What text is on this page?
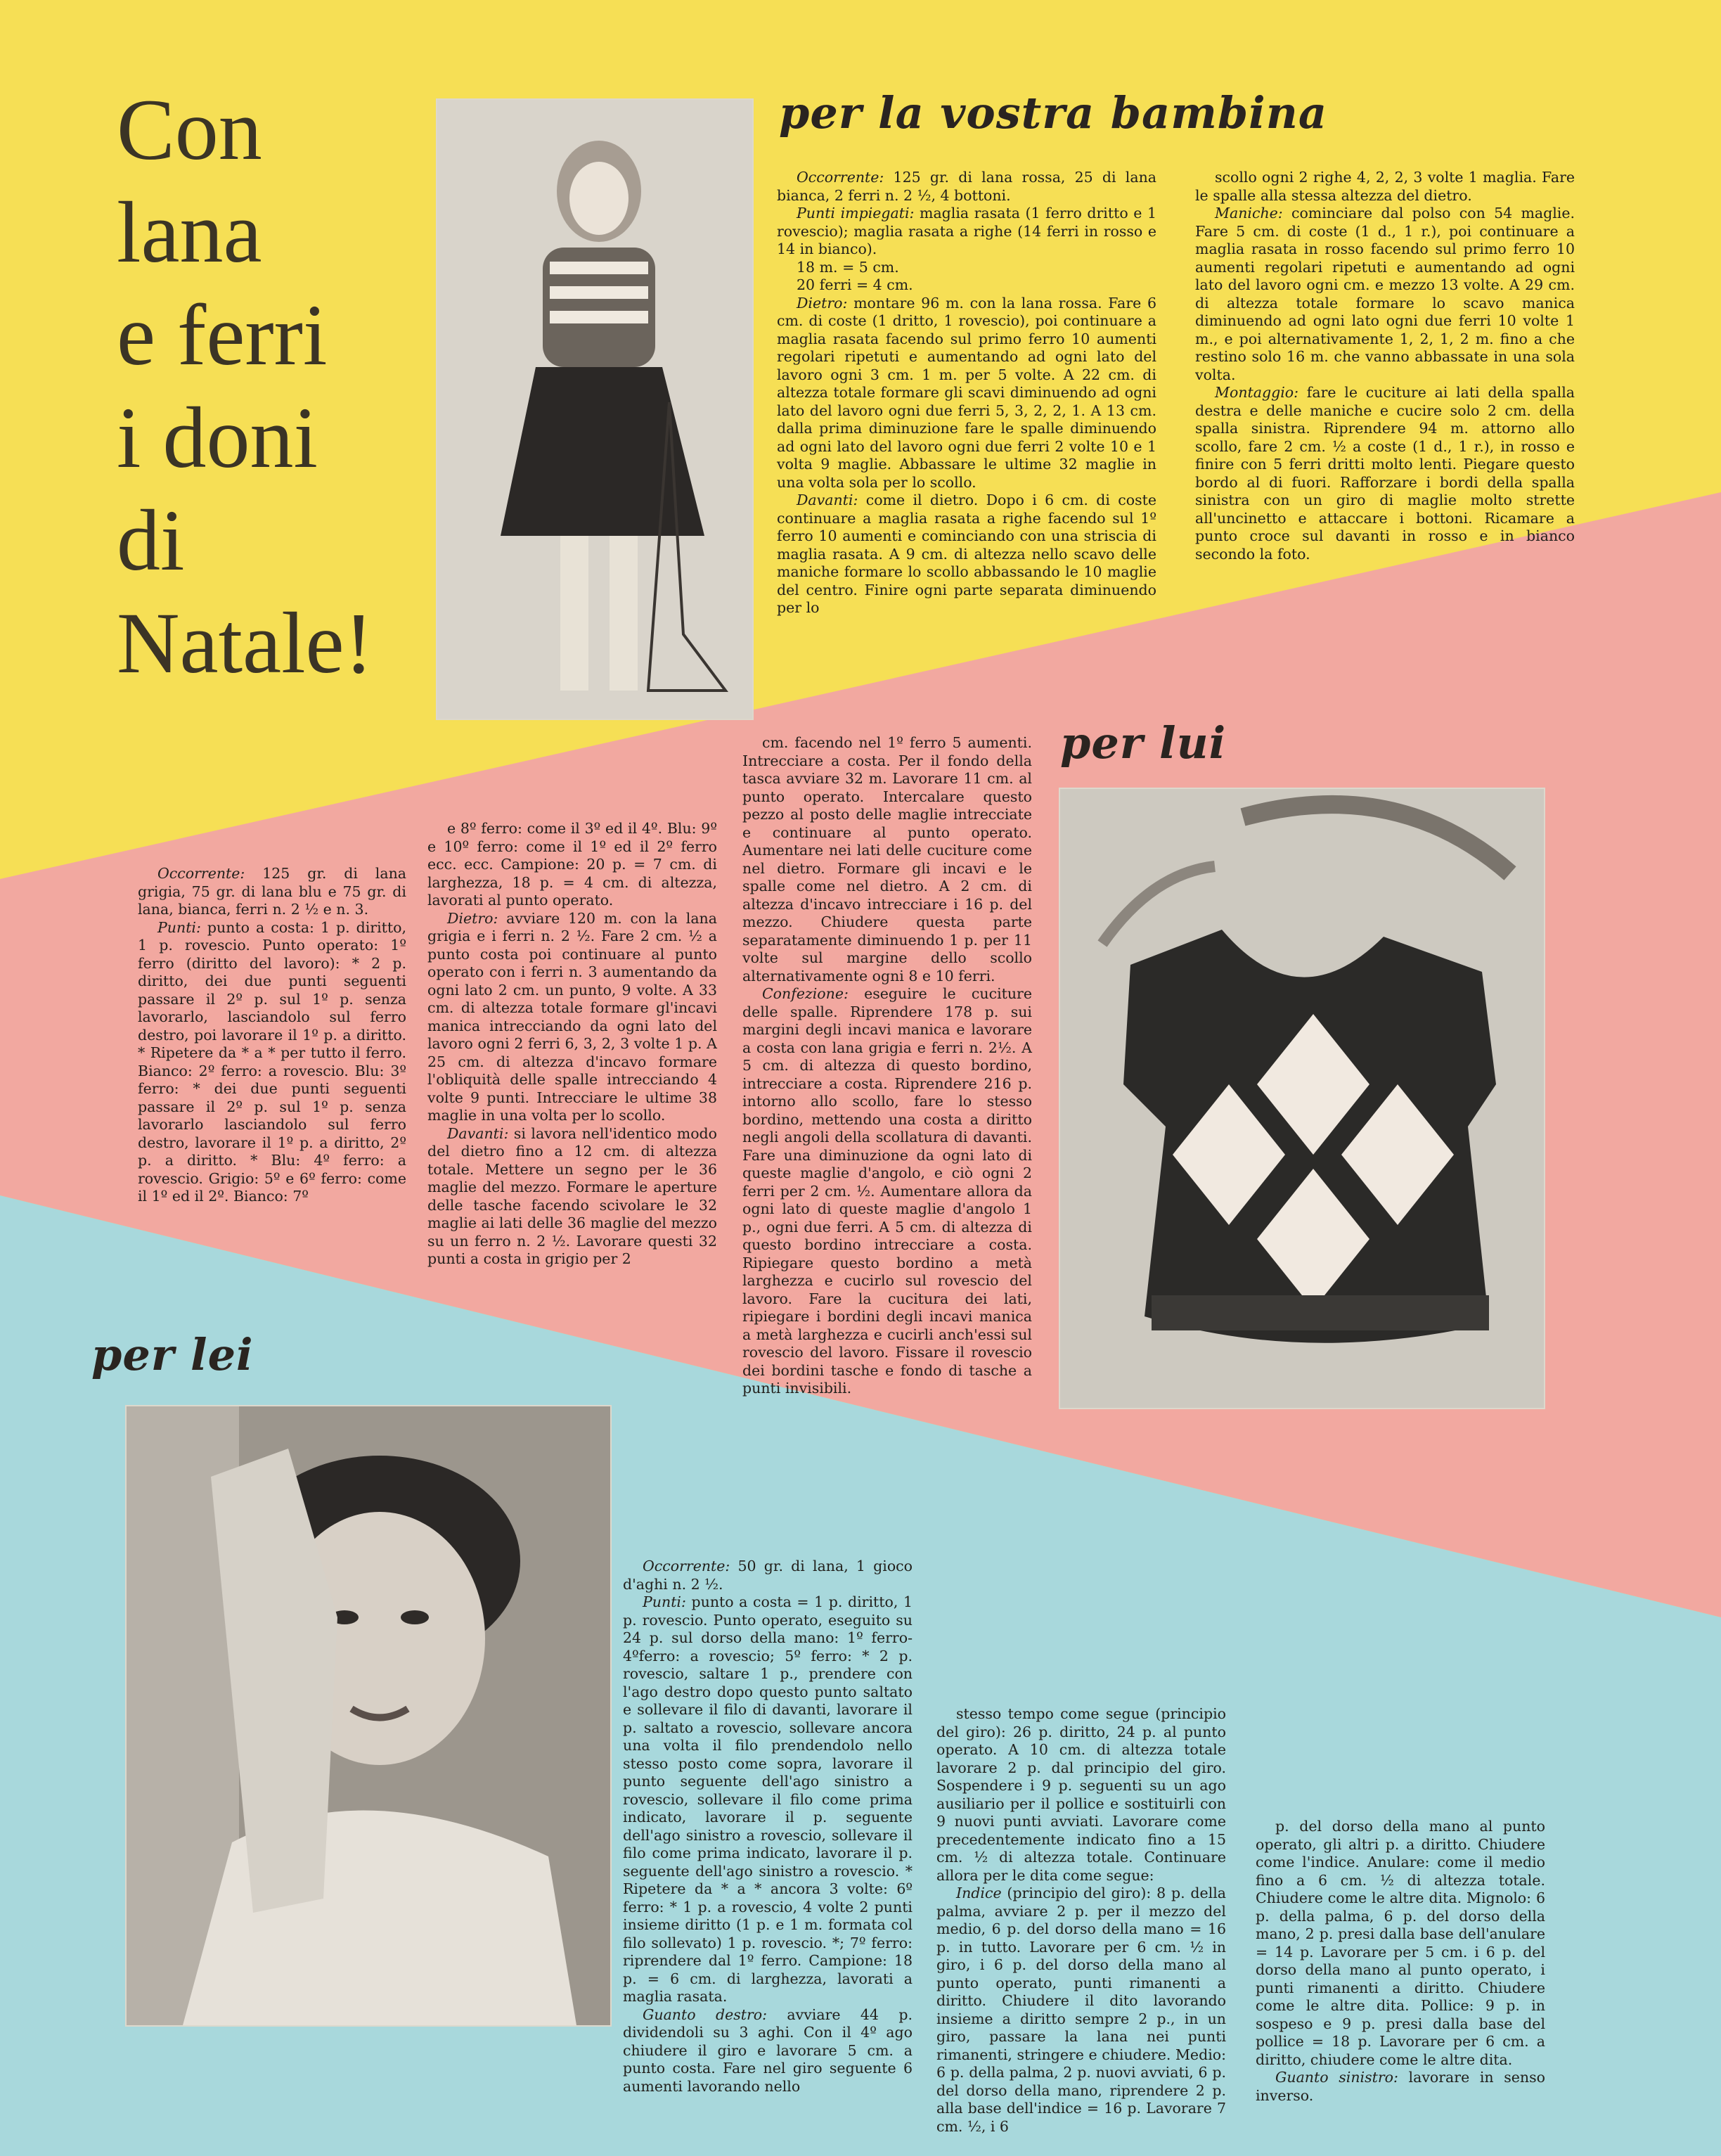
Con
lana
e ferri
i doni
di
Natale!
per la vostra bambina

Occorrente: 125 gr. di lana rossa, 25 di lana bianca, 2 ferri n. 2 ½, 4 bottoni.

Punti impiegati: maglia rasata (1 ferro dritto e 1 rovescio); maglia rasata a righe (14 ferri in rosso e 14 in bianco).

18 m. = 5 cm.

20 ferri = 4 cm.

Dietro: montare 96 m. con la lana rossa. Fare 6 cm. di coste (1 dritto, 1 rovescio), poi continuare a maglia rasata facendo sul primo ferro 10 aumenti regolari ripetuti e aumentando ad ogni lato del lavoro ogni 3 cm. 1 m. per 5 volte. A 22 cm. di altezza totale formare gli scavi diminuendo ad ogni lato del lavoro ogni due ferri 5, 3, 2, 2, 1. A 13 cm. dalla prima diminuzione fare le spalle diminuendo ad ogni lato del lavoro ogni due ferri 2 volte 10 e 1 volta 9 maglie. Abbassare le ultime 32 maglie in una volta sola per lo scollo.

Davanti: come il dietro. Dopo i 6 cm. di coste continuare a maglia rasata a righe facendo sul 1º ferro 10 aumenti e cominciando con una striscia di maglia rasata. A 9 cm. di altezza nello scavo delle maniche formare lo scollo abbassando le 10 maglie del centro. Finire ogni parte separata diminuendo per lo

scollo ogni 2 righe 4, 2, 2, 3 volte 1 maglia. Fare le spalle alla stessa altezza del dietro.

Maniche: cominciare dal polso con 54 maglie. Fare 5 cm. di coste (1 d., 1 r.), poi continuare a maglia rasata in rosso facendo sul primo ferro 10 aumenti regolari ripetuti e aumentando ad ogni lato del lavoro ogni cm. e mezzo 13 volte. A 29 cm. di altezza totale formare lo scavo manica diminuendo ad ogni lato ogni due ferri 10 volte 1 m., e poi alternativamente 1, 2, 1, 2 m. fino a che restino solo 16 m. che vanno abbassate in una sola volta.

Montaggio: fare le cuciture ai lati della spalla destra e delle maniche e cucire solo 2 cm. della spalla sinistra. Riprendere 94 m. attorno allo scollo, fare 2 cm. ½ a coste (1 d., 1 r.), in rosso e finire con 5 ferri dritti molto lenti. Piegare questo bordo al di fuori. Rafforzare i bordi della spalla sinistra con un giro di maglie molto strette all'uncinetto e attaccare i bottoni. Ricamare a punto croce sul davanti in rosso e in bianco secondo la foto.

per lui

Occorrente: 125 gr. di lana grigia, 75 gr. di lana blu e 75 gr. di lana, bianca, ferri n. 2 ½ e n. 3.

Punti: punto a costa: 1 p. diritto, 1 p. rovescio. Punto operato: 1º ferro (diritto del lavoro): * 2 p. diritto, dei due punti seguenti passare il 2º p. sul 1º p. senza lavorarlo, lasciandolo sul ferro destro, poi lavorare il 1º p. a diritto. * Ripetere da * a * per tutto il ferro. Bianco: 2º ferro: a rovescio. Blu: 3º ferro: * dei due punti seguenti passare il 2º p. sul 1º p. senza lavorarlo lasciandolo sul ferro destro, lavorare il 1º p. a diritto, 2º p. a diritto. * Blu: 4º ferro: a rovescio. Grigio: 5º e 6º ferro: come il 1º ed il 2º. Bianco: 7º

e 8º ferro: come il 3º ed il 4º. Blu: 9º e 10º ferro: come il 1º ed il 2º ferro ecc. ecc. Campione: 20 p. = 7 cm. di larghezza, 18 p. = 4 cm. di altezza, lavorati al punto operato.

Dietro: avviare 120 m. con la lana grigia e i ferri n. 2 ½. Fare 2 cm. ½ a punto costa poi continuare al punto operato con i ferri n. 3 aumentando da ogni lato 2 cm. un punto, 9 volte. A 33 cm. di altezza totale formare gl'incavi manica intrecciando da ogni lato del lavoro ogni 2 ferri 6, 3, 2, 3 volte 1 p. A 25 cm. di altezza d'incavo formare l'obliquità delle spalle intrecciando 4 volte 9 punti. Intrecciare le ultime 38 maglie in una volta per lo scollo.

Davanti: si lavora nell'identico modo del dietro fino a 12 cm. di altezza totale. Mettere un segno per le 36 maglie del mezzo. Formare le aperture delle tasche facendo scivolare le 32 maglie ai lati delle 36 maglie del mezzo su un ferro n. 2 ½. Lavorare questi 32 punti a costa in grigio per 2

cm. facendo nel 1º ferro 5 aumenti. Intrecciare a costa. Per il fondo della tasca avviare 32 m. Lavorare 11 cm. al punto operato. Intercalare questo pezzo al posto delle maglie intrecciate e continuare al punto operato. Aumentare nei lati delle cuciture come nel dietro. Formare gli incavi e le spalle come nel dietro. A 2 cm. di altezza d'incavo intrecciare i 16 p. del mezzo. Chiudere questa parte separatamente diminuendo 1 p. per 11 volte sul margine dello scollo alternativamente ogni 8 e 10 ferri.

Confezione: eseguire le cuciture delle spalle. Riprendere 178 p. sui margini degli incavi manica e lavorare a costa con lana grigia e ferri n. 2½. A 5 cm. di altezza di questo bordino, intrecciare a costa. Riprendere 216 p. intorno allo scollo, fare lo stesso bordino, mettendo una costa a diritto negli angoli della scollatura di davanti. Fare una diminuzione da ogni lato di queste maglie d'angolo, e ciò ogni 2 ferri per 2 cm. ½. Aumentare allora da ogni lato di queste maglie d'angolo 1 p., ogni due ferri. A 5 cm. di altezza di questo bordino intrecciare a costa. Ripiegare questo bordino a metà larghezza e cucirlo sul rovescio del lavoro. Fare la cucitura dei lati, ripiegare i bordini degli incavi manica a metà larghezza e cucirli anch'essi sul rovescio del lavoro. Fissare il rovescio dei bordini tasche e fondo di tasche a punti invisibili.

per lei

Occorrente: 50 gr. di lana, 1 gioco d'aghi n. 2 ½.

Punti: punto a costa = 1 p. diritto, 1 p. rovescio. Punto operato, eseguito su 24 p. sul dorso della mano: 1º ferro-4ºferro: a rovescio; 5º ferro: * 2 p. rovescio, saltare 1 p., prendere con l'ago destro dopo questo punto saltato e sollevare il filo di davanti, lavorare il p. saltato a rovescio, sollevare ancora una volta il filo prendendolo nello stesso posto come sopra, lavorare il punto seguente dell'ago sinistro a rovescio, sollevare il filo come prima indicato, lavorare il p. seguente dell'ago sinistro a rovescio, sollevare il filo come prima indicato, lavorare il p. seguente dell'ago sinistro a rovescio. * Ripetere da * a * ancora 3 volte: 6º ferro: * 1 p. a rovescio, 4 volte 2 punti insieme diritto (1 p. e 1 m. formata col filo sollevato) 1 p. rovescio. *; 7º ferro: riprendere dal 1º ferro. Campione: 18 p. = 6 cm. di larghezza, lavorati a maglia rasata.

Guanto destro: avviare 44 p. dividendoli su 3 aghi. Con il 4º ago chiudere il giro e lavorare 5 cm. a punto costa. Fare nel giro seguente 6 aumenti lavorando nello

stesso tempo come segue (principio del giro): 26 p. diritto, 24 p. al punto operato. A 10 cm. di altezza totale lavorare 2 p. dal principio del giro. Sospendere i 9 p. seguenti su un ago ausiliario per il pollice e sostituirli con 9 nuovi punti avviati. Lavorare come precedentemente indicato fino a 15 cm. ½ di altezza totale. Continuare allora per le dita come segue:

Indice (principio del giro): 8 p. della palma, avviare 2 p. per il mezzo del medio, 6 p. del dorso della mano = 16 p. in tutto. Lavorare per 6 cm. ½ in giro, i 6 p. del dorso della mano al punto operato, punti rimanenti a diritto. Chiudere il dito lavorando insieme a diritto sempre 2 p., in un giro, passare la lana nei punti rimanenti, stringere e chiudere. Medio: 6 p. della palma, 2 p. nuovi avviati, 6 p. del dorso della mano, riprendere 2 p. alla base dell'indice = 16 p. Lavorare 7 cm. ½, i 6

p. del dorso della mano al punto operato, gli altri p. a diritto. Chiudere come l'indice. Anulare: come il medio fino a 6 cm. ½ di altezza totale. Chiudere come le altre dita. Mignolo: 6 p. della palma, 6 p. del dorso della mano, 2 p. presi dalla base dell'anulare = 14 p. Lavorare per 5 cm. i 6 p. del dorso della mano al punto operato, i punti rimanenti a diritto. Chiudere come le altre dita. Pollice: 9 p. in sospeso e 9 p. presi dalla base del pollice = 18 p. Lavorare per 6 cm. a diritto, chiudere come le altre dita.

Guanto sinistro: lavorare in senso inverso.
